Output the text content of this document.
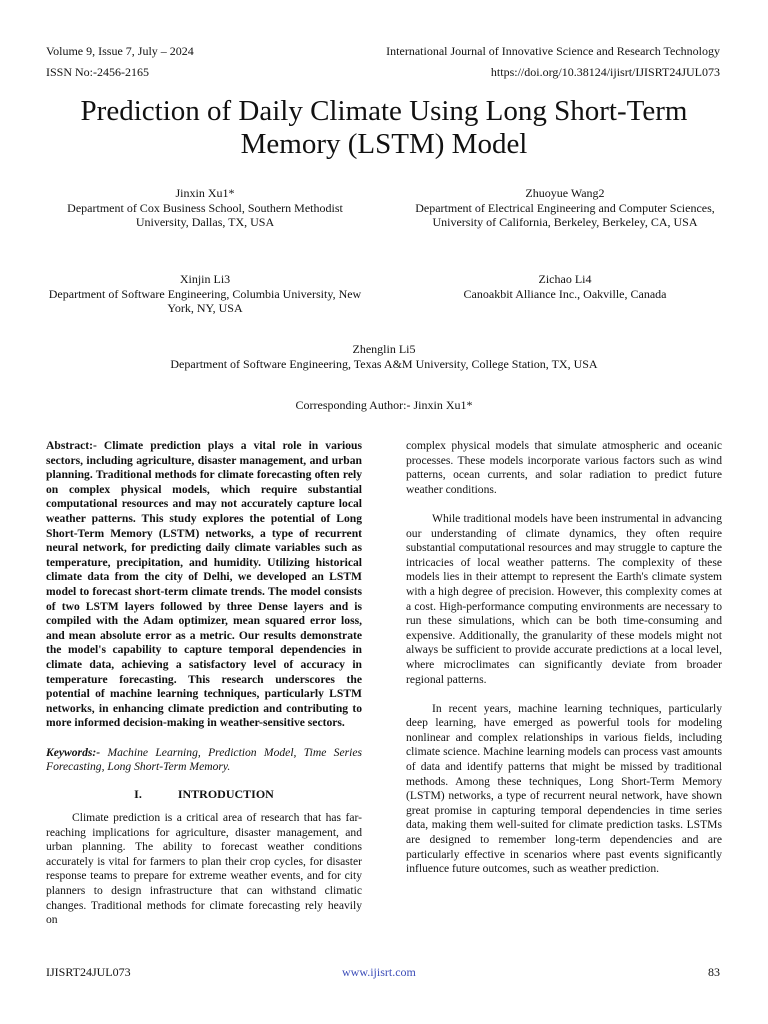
Volume 9, Issue 7, July – 2024
ISSN No:-2456-2165
International Journal of Innovative Science and Research Technology
https://doi.org/10.38124/ijisrt/IJISRT24JUL073
Prediction of Daily Climate Using Long Short-Term Memory (LSTM) Model
Jinxin Xu1*
Department of Cox Business School, Southern Methodist University, Dallas, TX, USA
Zhuoyue Wang2
Department of Electrical Engineering and Computer Sciences, University of California, Berkeley, Berkeley, CA, USA
Xinjin Li3
Department of Software Engineering, Columbia University, New York, NY, USA
Zichao Li4
Canoakbit Alliance Inc., Oakville, Canada
Zhenglin Li5
Department of Software Engineering, Texas A&M University, College Station, TX, USA
Corresponding Author:- Jinxin Xu1*

Abstract:- Climate prediction plays a vital role in various sectors, including agriculture, disaster management, and urban planning. Traditional methods for climate forecasting often rely on complex physical models, which require substantial computational resources and may not accurately capture local weather patterns. This study explores the potential of Long Short-Term Memory (LSTM) networks, a type of recurrent neural network, for predicting daily climate variables such as temperature, precipitation, and humidity. Utilizing historical climate data from the city of Delhi, we developed an LSTM model to forecast short-term climate trends. The model consists of two LSTM layers followed by three Dense layers and is compiled with the Adam optimizer, mean squared error loss, and mean absolute error as a metric. Our results demonstrate the model's capability to capture temporal dependencies in climate data, achieving a satisfactory level of accuracy in temperature forecasting. This research underscores the potential of machine learning techniques, particularly LSTM networks, in enhancing climate prediction and contributing to more informed decision-making in weather-sensitive sectors.

Keywords:- Machine Learning, Prediction Model, Time Series Forecasting, Long Short-Term Memory.

I.	INTRODUCTION

Climate prediction is a critical area of research that has far-reaching implications for agriculture, disaster management, and urban planning. The ability to forecast weather conditions accurately is vital for farmers to plan their crop cycles, for disaster response teams to prepare for extreme weather events, and for city planners to design infrastructure that can withstand climatic changes. Traditional methods for climate forecasting rely heavily on

complex physical models that simulate atmospheric and oceanic processes. These models incorporate various factors such as wind patterns, ocean currents, and solar radiation to predict future weather conditions.

While traditional models have been instrumental in advancing our understanding of climate dynamics, they often require substantial computational resources and may struggle to capture the intricacies of local weather patterns. The complexity of these models lies in their attempt to represent the Earth's climate system with a high degree of precision. However, this complexity comes at a cost. High-performance computing environments are necessary to run these simulations, which can be both time-consuming and expensive. Additionally, the granularity of these models might not always be sufficient to provide accurate predictions at a local level, where microclimates can significantly deviate from broader regional patterns.

In recent years, machine learning techniques, particularly deep learning, have emerged as powerful tools for modeling nonlinear and complex relationships in various fields, including climate science. Machine learning models can process vast amounts of data and identify patterns that might be missed by traditional methods. Among these techniques, Long Short-Term Memory (LSTM) networks, a type of recurrent neural network, have shown great promise in capturing temporal dependencies in time series data, making them well-suited for climate prediction tasks. LSTMs are designed to remember long-term dependencies and are particularly effective in scenarios where past events significantly influence future outcomes, such as weather prediction.

IJISRT24JUL073	www.ijisrt.com	83
